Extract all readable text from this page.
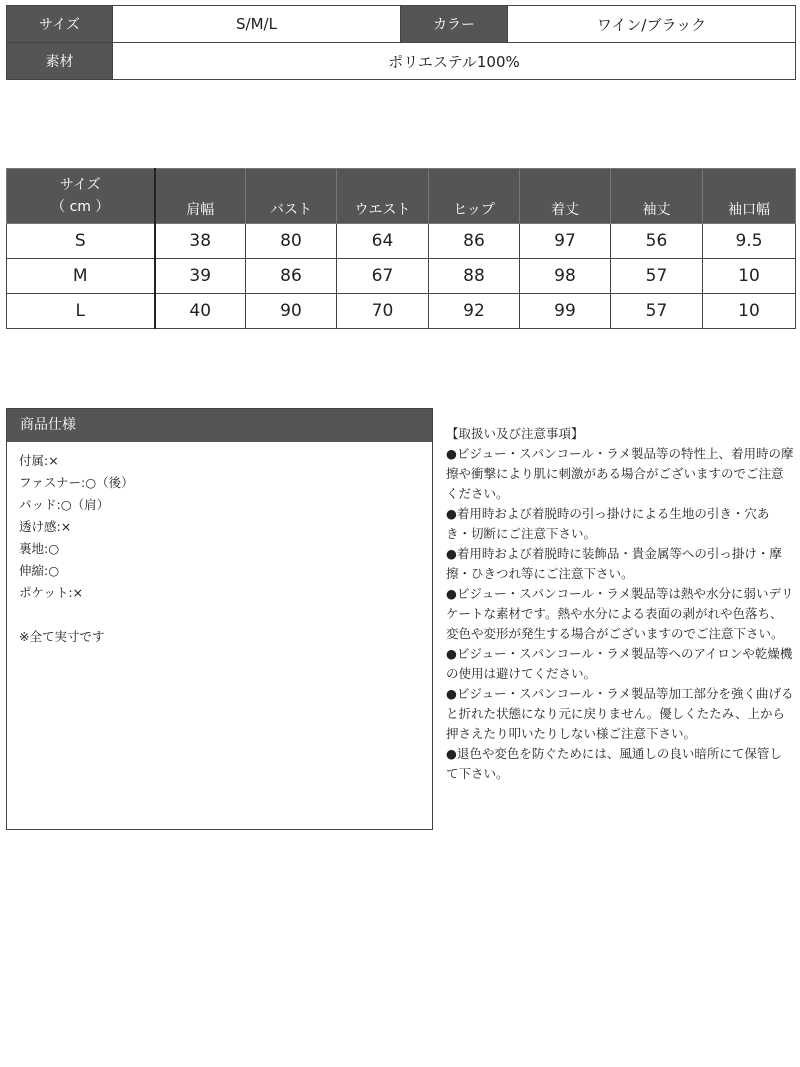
サイズ	S/M/L	カラー	ワイン/ブラック
素材	ポリエステル100%		
サイズ
（ cm ）	肩幅	バスト	ウエスト	ヒップ	着丈	袖丈	袖口幅
S	38	80	64	86	97	56	9.5
M	39	86	67	88	98	57	10
L	40	90	70	92	99	57	10
商品仕様
付属:×
ファスナー:○（後）
パッド:○（肩）
透け感:×
裏地:○
伸縮:○
ポケット:×
※全て実寸です

【取扱い及び注意事項】

●ビジュー・スパンコール・ラメ製品等の特性上、着用時の摩擦や衝撃により肌に刺激がある場合がございますのでご注意ください。

●着用時および着脱時の引っ掛けによる生地の引き・穴あき・切断にご注意下さい。

●着用時および着脱時に装飾品・貴金属等への引っ掛け・摩擦・ひきつれ等にご注意下さい。

●ビジュー・スパンコール・ラメ製品等は熱や水分に弱いデリケートな素材です。熱や水分による表面の剥がれや色落ち、変色や変形が発生する場合がございますのでご注意下さい。

●ビジュー・スパンコール・ラメ製品等へのアイロンや乾燥機の使用は避けてください。

●ビジュー・スパンコール・ラメ製品等加工部分を強く曲げると折れた状態になり元に戻りません。優しくたたみ、上から押さえたり叩いたりしない様ご注意下さい。

●退色や変色を防ぐためには、風通しの良い暗所にて保管して下さい。
